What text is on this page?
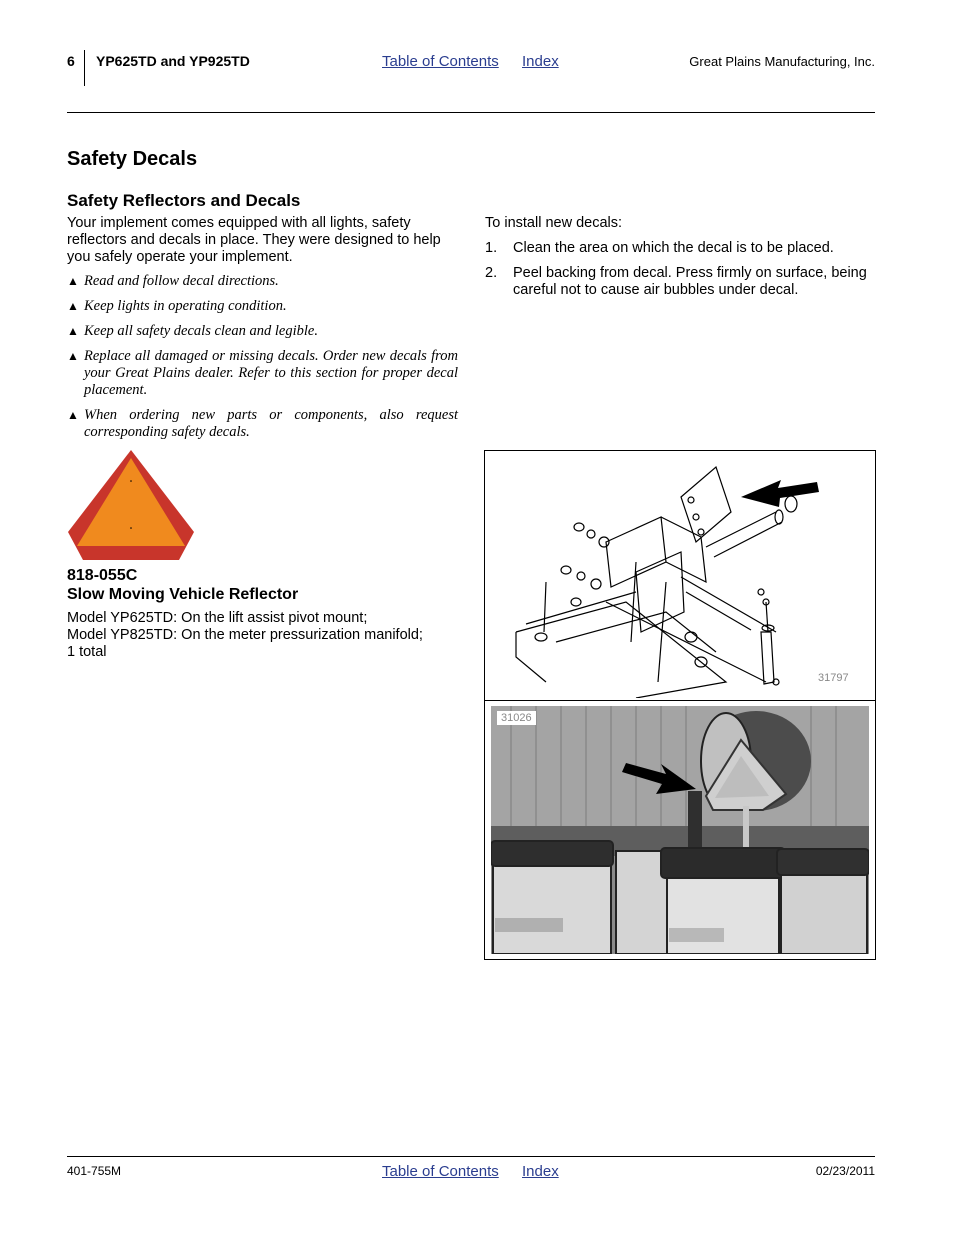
6 YP625TD and YP925TD	Table of Contents Index	Great Plains Manufacturing, Inc.
Safety Decals
Safety Reflectors and Decals
Your implement comes equipped with all lights, safety reflectors and decals in place. They were designed to help you safely operate your implement.
▲ Read and follow decal directions.
▲ Keep lights in operating condition.
▲ Keep all safety decals clean and legible.
▲ Replace all damaged or missing decals. Order new decals from your Great Plains dealer. Refer to this section for proper decal placement.
▲ When ordering new parts or components, also request corresponding safety decals.
818-055C
Slow Moving Vehicle Reflector
Model YP625TD: On the lift assist pivot mount;
Model YP825TD: On the meter pressurization manifold;
1 total
To install new decals:
1. Clean the area on which the decal is to be placed.
2. Peel backing from decal. Press firmly on surface, being careful not to cause air bubbles under decal.
31797
31026
401-755M	Table of Contents Index	02/23/2011
